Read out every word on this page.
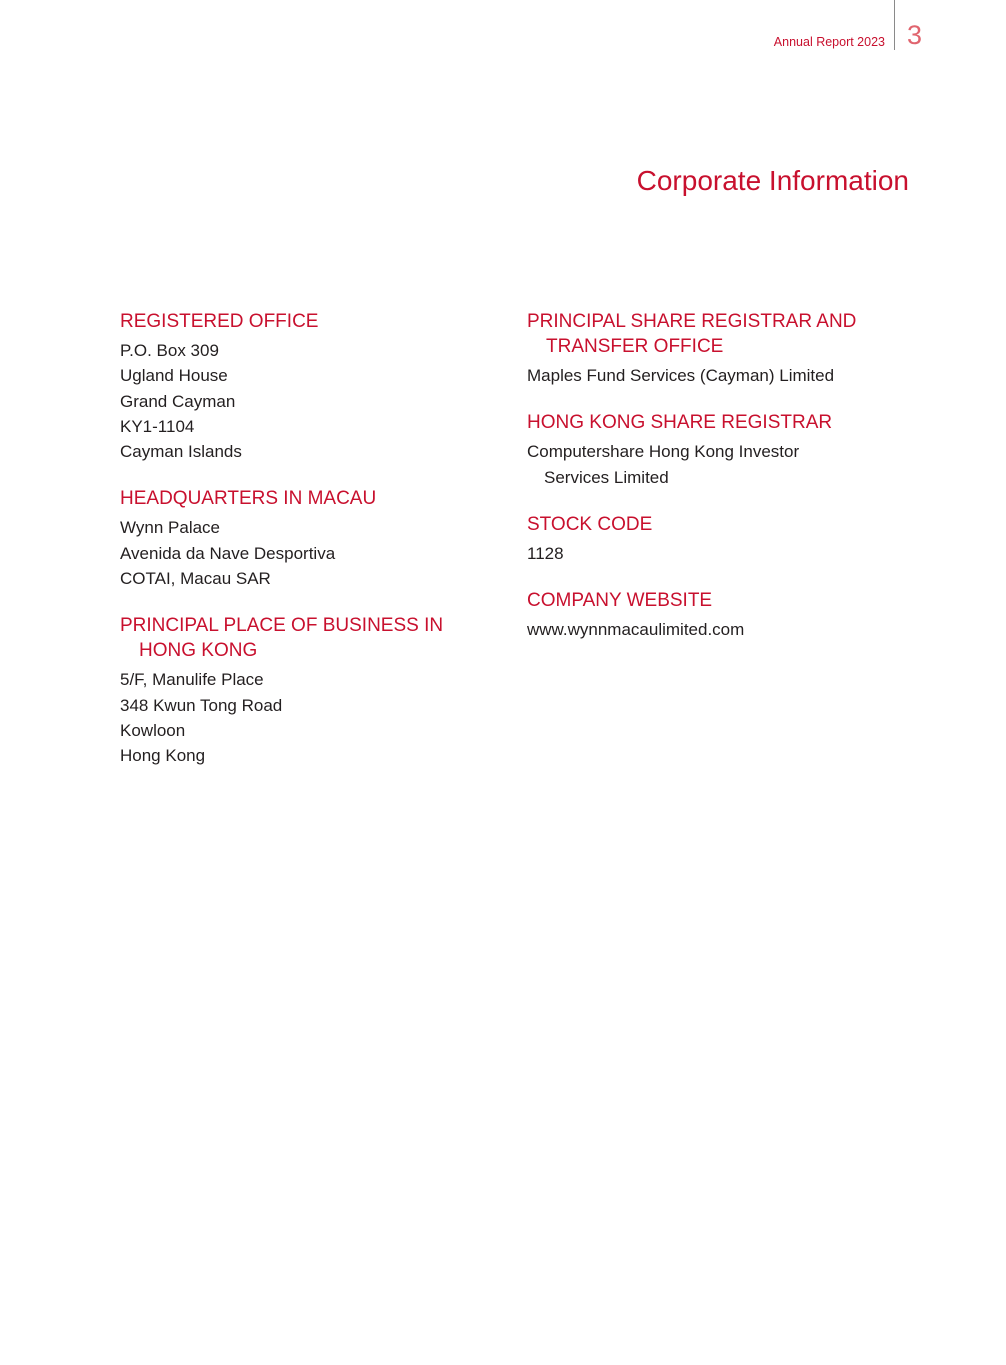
Annual Report 2023 3
Corporate Information
REGISTERED OFFICE
P.O. Box 309
Ugland House
Grand Cayman
KY1-1104
Cayman Islands
HEADQUARTERS IN MACAU
Wynn Palace
Avenida da Nave Desportiva
COTAI, Macau SAR
PRINCIPAL PLACE OF BUSINESS IN HONG KONG
5/F, Manulife Place
348 Kwun Tong Road
Kowloon
Hong Kong
PRINCIPAL SHARE REGISTRAR AND TRANSFER OFFICE
Maples Fund Services (Cayman) Limited
HONG KONG SHARE REGISTRAR
Computershare Hong Kong Investor Services Limited
STOCK CODE
1128
COMPANY WEBSITE
www.wynnmacaulimited.com
